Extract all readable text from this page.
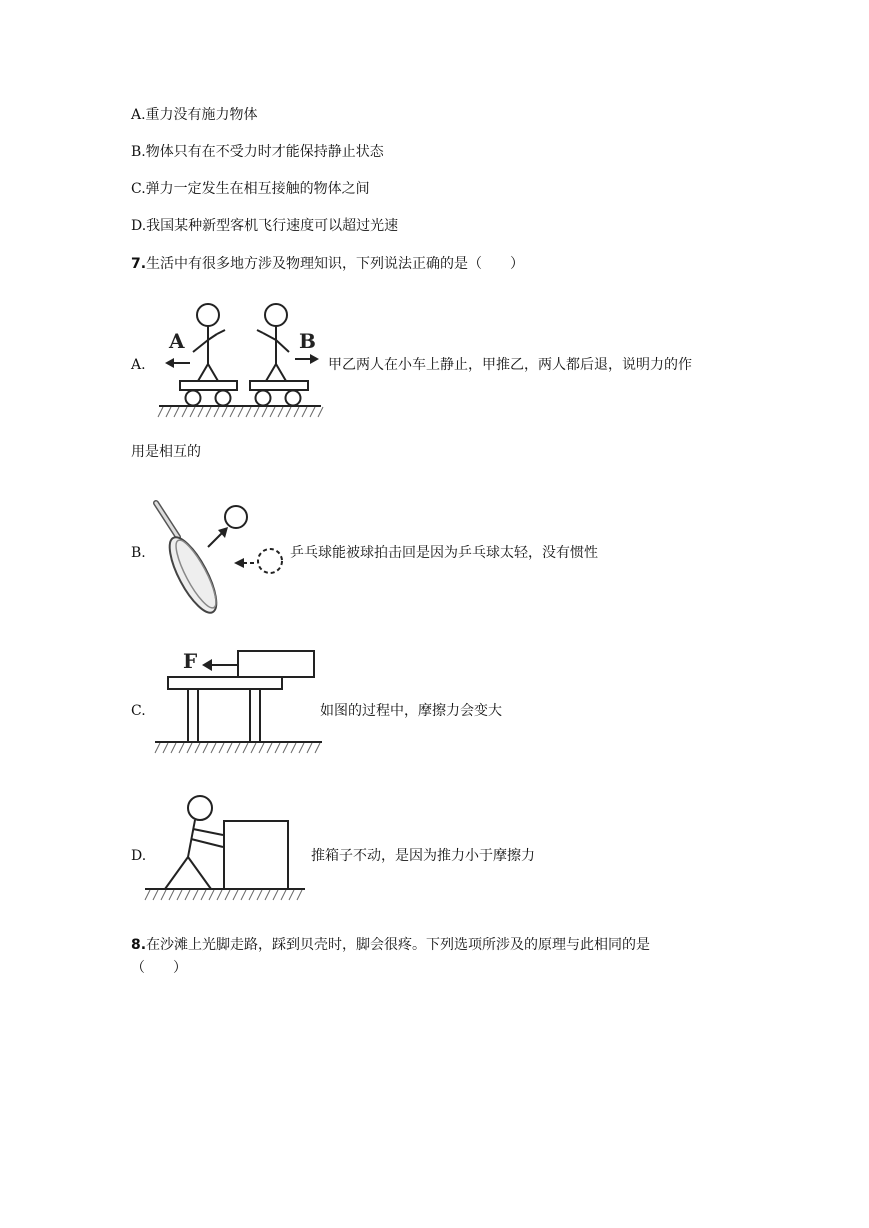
A.重力没有施力物体
B.物体只有在不受力时才能保持静止状态
C.弹力一定发生在相互接触的物体之间
D.我国某种新型客机飞行速度可以超过光速
7.生活中有很多地方涉及物理知识，下列说法正确的是（　　）
A.
A	B
甲乙两人在小车上静止，甲推乙，两人都后退，说明力的作
用是相互的
B.	乒乓球能被球拍击回是因为乒乓球太轻，没有惯性
C.
F
如图的过程中，摩擦力会变大
D.	推箱子不动，是因为推力小于摩擦力
8.在沙滩上光脚走路，踩到贝壳时，脚会很疼。下列选项所涉及的原理与此相同的是
（　　）
